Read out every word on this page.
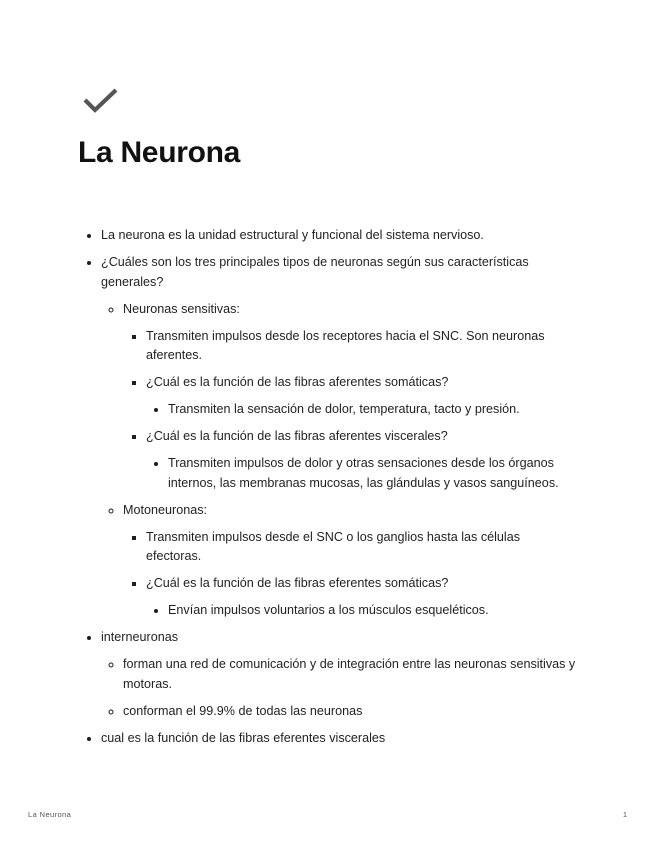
La Neurona
• La neurona es la unidad estructural y funcional del sistema nervioso.
• ¿Cuáles son los tres principales tipos de neuronas según sus características generales?
◦ Neuronas sensitivas:
▪ Transmiten impulsos desde los receptores hacia el SNC. Son neuronas aferentes.
▪ ¿Cuál es la función de las fibras aferentes somáticas?
• Transmiten la sensación de dolor, temperatura, tacto y presión.
▪ ¿Cuál es la función de las fibras aferentes viscerales?
• Transmiten impulsos de dolor y otras sensaciones desde los órganos internos, las membranas mucosas, las glándulas y vasos sanguíneos.
◦ Motoneuronas:
▪ Transmiten impulsos desde el SNC o los ganglios hasta las células efectoras.
▪ ¿Cuál es la función de las fibras eferentes somáticas?
• Envían impulsos voluntarios a los músculos esqueléticos.
• interneuronas
◦ forman una red de comunicación y de integración entre las neuronas sensitivas y motoras.
◦ conforman el 99.9% de todas las neuronas
• cual es la función de las fibras eferentes viscerales
La Neurona	1
